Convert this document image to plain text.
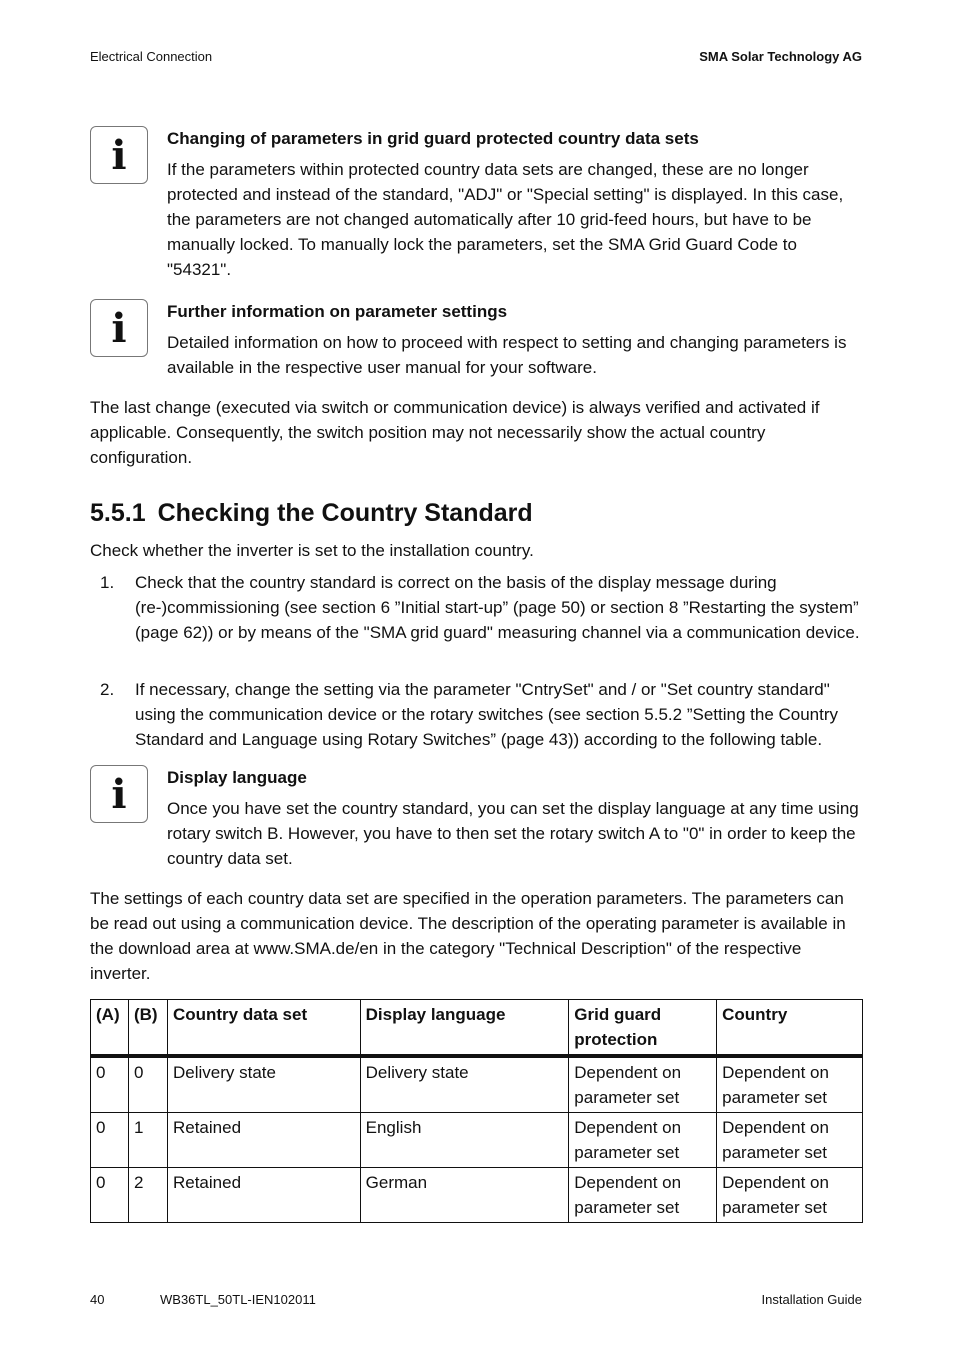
Electrical Connection	SMA Solar Technology AG
i	Changing of parameters in grid guard protected country data sets

If the parameters within protected country data sets are changed, these are no longer protected and instead of the standard, "ADJ" or "Special setting" is displayed. In this case, the parameters are not changed automatically after 10 grid-feed hours, but have to be manually locked. To manually lock the parameters, set the SMA Grid Guard Code to "54321".

i	Further information on parameter settings

Detailed information on how to proceed with respect to setting and changing parameters is available in the respective user manual for your software.

The last change (executed via switch or communication device) is always verified and activated if applicable. Consequently, the switch position may not necessarily show the actual country configuration.

5.5.1 Checking the Country Standard

Check whether the inverter is set to the installation country.

1. Check that the country standard is correct on the basis of the display message during (re-)commissioning (see section 6 ”Initial start-up” (page 50) or section 8 ”Restarting the system” (page 62)) or by means of the "SMA grid guard" measuring channel via a communication device.
2. If necessary, change the setting via the parameter "CntrySet" and / or "Set country standard" using the communication device or the rotary switches (see section 5.5.2 ”Setting the Country Standard and Language using Rotary Switches” (page 43)) according to the following table.
i	Display language

Once you have set the country standard, you can set the display language at any time using rotary switch B. However, you have to then set the rotary switch A to "0" in order to keep the country data set.

The settings of each country data set are specified in the operation parameters. The parameters can be read out using a communication device. The description of the operating parameter is available in the download area at www.SMA.de/en in the category "Technical Description" of the respective inverter.

(A)	(B)	Country data set	Display language	Grid guard protection	Country
0	0	Delivery state	Delivery state	Dependent on parameter set	Dependent on parameter set
0	1	Retained	English	Dependent on parameter set	Dependent on parameter set
0	2	Retained	German	Dependent on parameter set	Dependent on parameter set
40	WB36TL_50TL-IEN102011	Installation Guide
